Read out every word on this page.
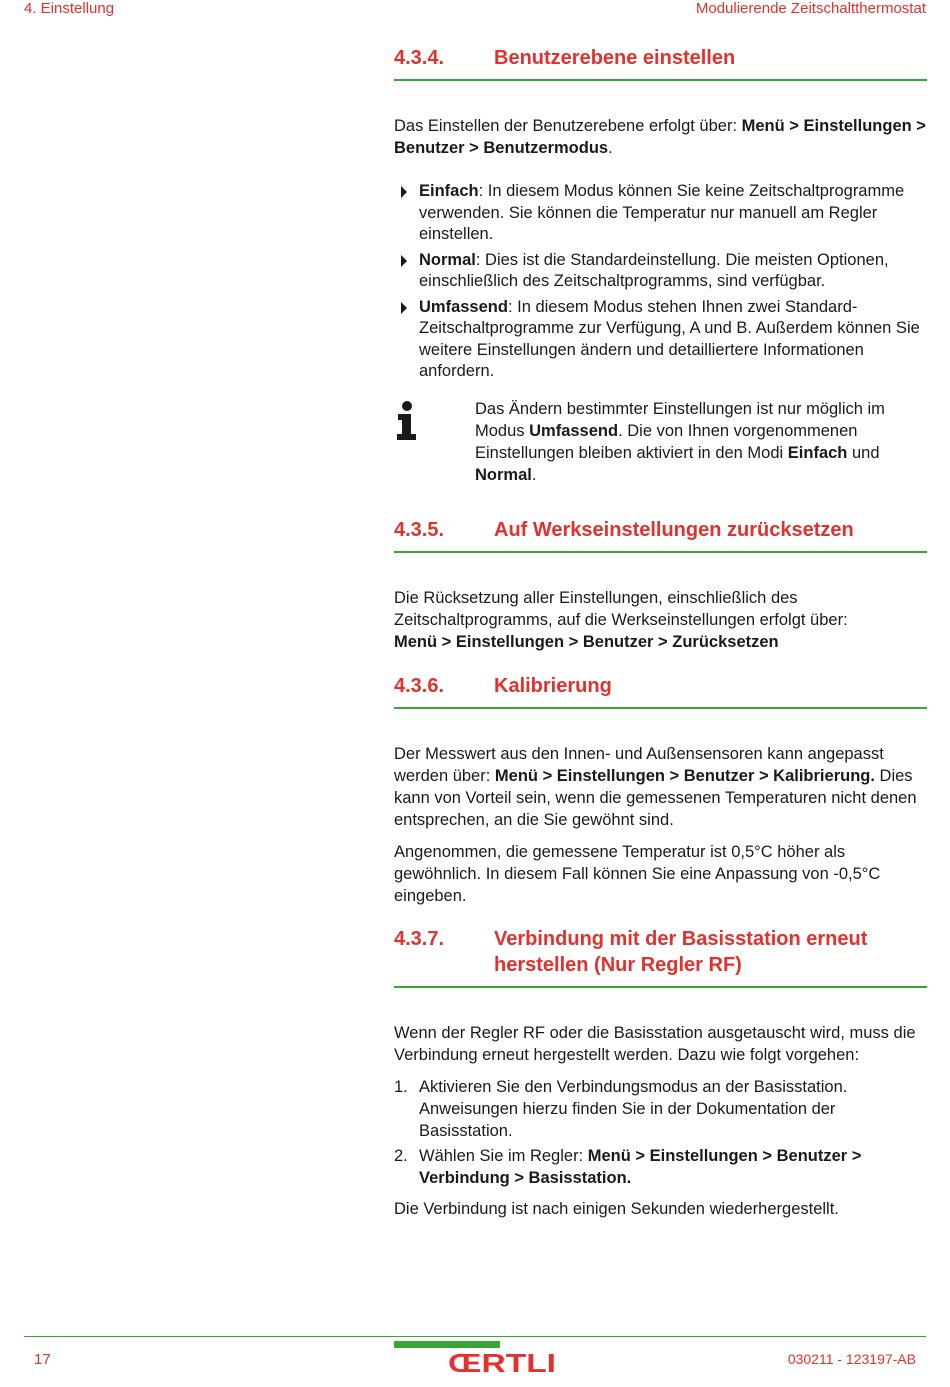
4. Einstellung	Modulierende Zeitschaltthermostat
4.3.4.	Benutzerebene einstellen

Das Einstellen der Benutzerebene erfolgt über: Menü > Einstellungen > Benutzer > Benutzermodus.

Einfach: In diesem Modus können Sie keine Zeitschaltprogramme verwenden. Sie können die Temperatur nur manuell am Regler einstellen.
Normal: Dies ist die Standardeinstellung. Die meisten Optionen, einschließlich des Zeitschaltprogramms, sind verfügbar.
Umfassend: In diesem Modus stehen Ihnen zwei Standard-Zeitschaltprogramme zur Verfügung, A und B. Außerdem können Sie weitere Einstellungen ändern und detailliertere Informationen anfordern.

Das Ändern bestimmter Einstellungen ist nur möglich im Modus Umfassend. Die von Ihnen vorgenommenen Einstellungen bleiben aktiviert in den Modi Einfach und Normal.

4.3.5.	Auf Werkseinstellungen zurücksetzen

Die Rücksetzung aller Einstellungen, einschließlich des Zeitschaltprogramms, auf die Werkseinstellungen erfolgt über:
Menü > Einstellungen > Benutzer > Zurücksetzen

4.3.6.	Kalibrierung

Der Messwert aus den Innen- und Außensensoren kann angepasst werden über: Menü > Einstellungen > Benutzer > Kalibrierung. Dies kann von Vorteil sein, wenn die gemessenen Temperaturen nicht denen entsprechen, an die Sie gewöhnt sind.

Angenommen, die gemessene Temperatur ist 0,5°C höher als gewöhnlich. In diesem Fall können Sie eine Anpassung von -0,5°C eingeben.

4.3.7.	Verbindung mit der Basisstation erneut herstellen (Nur Regler RF)

Wenn der Regler RF oder die Basisstation ausgetauscht wird, muss die Verbindung erneut hergestellt werden. Dazu wie folgt vorgehen:

1. Aktivieren Sie den Verbindungsmodus an der Basisstation. Anweisungen hierzu finden Sie in der Dokumentation der Basisstation.
2. Wählen Sie im Regler: Menü > Einstellungen > Benutzer > Verbindung > Basisstation.

Die Verbindung ist nach einigen Sekunden wiederhergestellt.

17	ŒRTLI	030211 - 123197-AB
